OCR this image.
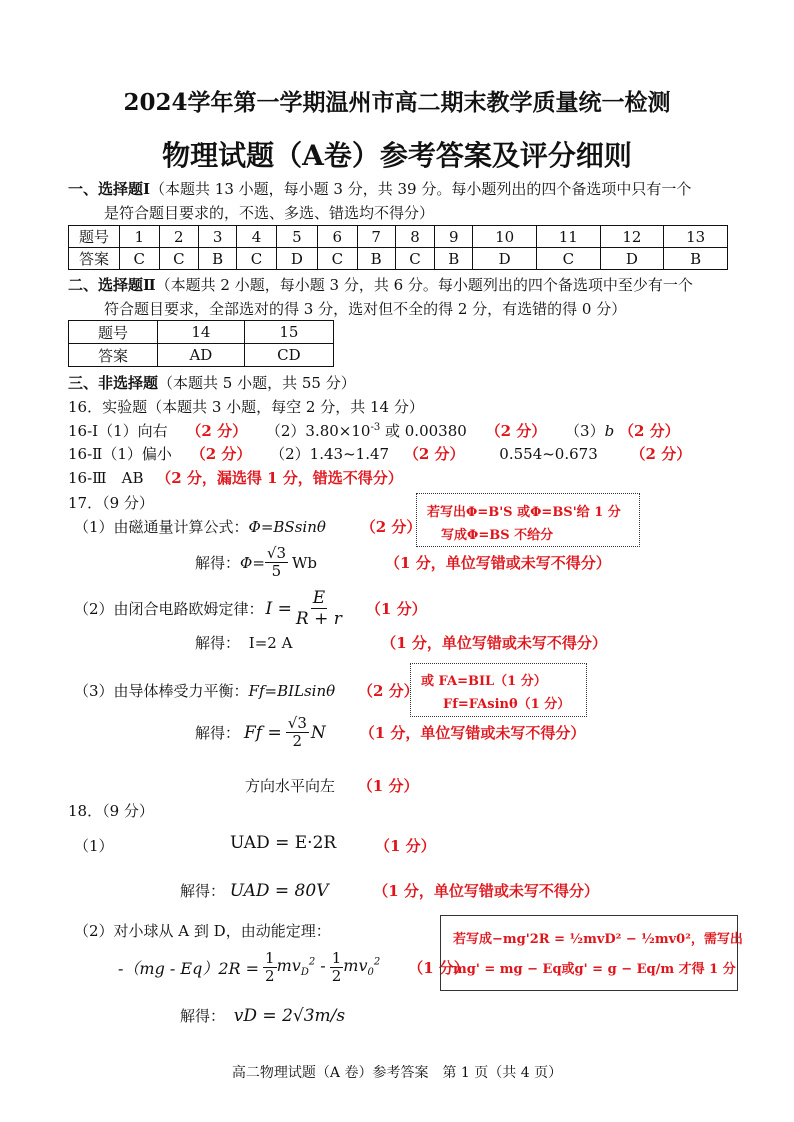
2024学年第一学期温州市高二期末教学质量统一检测
物理试题（A卷）参考答案及评分细则
一、选择题Ⅰ（本题共 13 小题，每小题 3 分，共 39 分。每小题列出的四个备选项中只有一个
是符合题目要求的，不选、多选、错选均不得分）
题号	1	2	3	4	5	6	7	8	9	10	11	12	13
答案	C	C	B	C	D	C	B	C	B	D	C	D	B
二、选择题Ⅱ（本题共 2 小题，每小题 3 分，共 6 分。每小题列出的四个备选项中至少有一个
符合题目要求，全部选对的得 3 分，选对但不全的得 2 分，有选错的得 0 分）
题号	14	15
答案	AD	CD
三、非选择题（本题共 5 小题，共 55 分）
16．实验题（本题共 3 小题，每空 2 分，共 14 分）
16-Ⅰ（1）向右 （2 分） $(2)3.80\times 10^{-3}$ 或 0.00380 （2 分） （3）b （2 分）
16-Ⅱ（1）偏小 （2 分） （2）1.43~1.47 （2 分） 0.554~0.673 （2 分）
16-Ⅲ　AB （2 分，漏选得 1 分，错选不得分）
17．（9 分）
（1）由磁通量计算公式：Φ=BSsinθ （2 分）
若写出Φ=B'S 或Φ=BS'给 1 分
写成Φ=BS 不给分
解得： $\Phi= \frac{√3}{5}$ Wb	（1 分，单位写错或未写不得分）
（2）由闭合电路欧姆定律： $I = \frac{E}{R + r} (1$ 分）
解得： I=2 A	（1 分，单位写错或未写不得分）
（3）由导体棒受力平衡：Ff=BILsinθ （2 分）
或 FA=BIL（1 分）
Ff=FAsinθ（1 分）
解得： $Ff = \frac{√3}{2}$ N （1 分，单位写错或未写不得分）
方向水平向左 （1 分）
18．（9 分）
（1）	UAD = E·2R	（1 分）
解得： UAD = 80V	（1 分，单位写错或未写不得分）
（2）对小球从 A 到 D，由动能定理：
$-(mg - Eq)2R = \frac{1}{2} mv_D^2 - \frac{1}{2} mv_0^2$ （1 分）
若写成−mg'2R = ½mvD² − ½mv0²，需写出
mg' = mg − Eq或g' = g − Eq/m 才得 1 分
解得： vD = 2√3m/s
高二物理试题（A 卷）参考答案　第 1 页（共 4 页）
